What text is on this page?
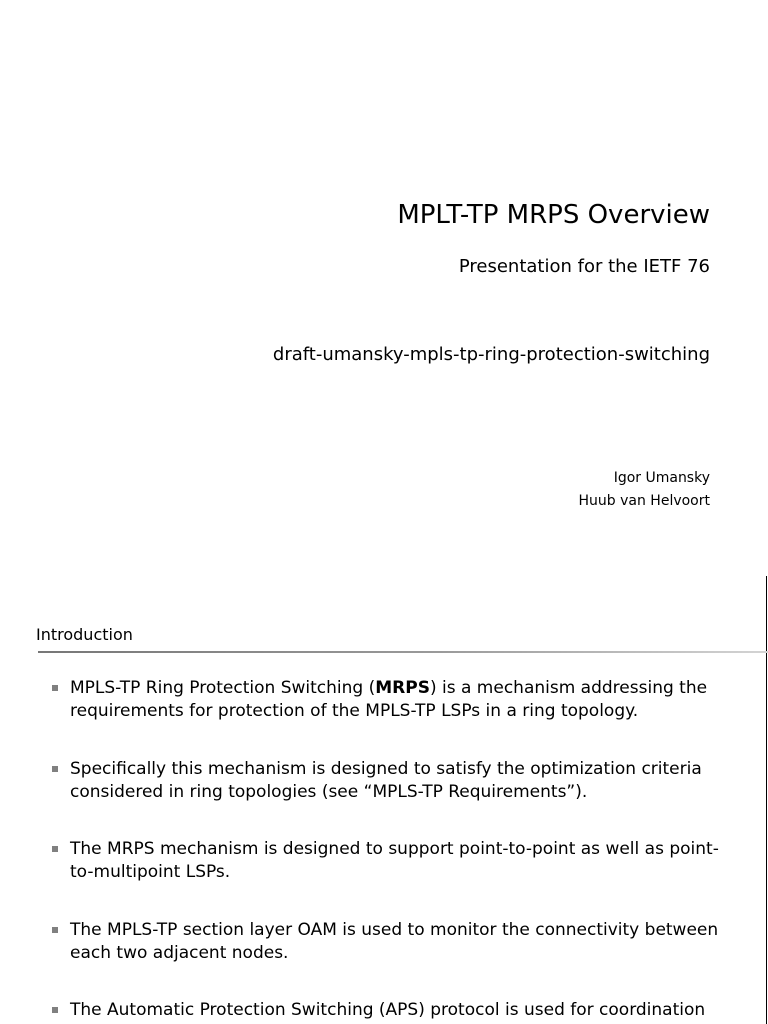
MPLT-TP MRPS Overview
Presentation for the IETF 76
draft-umansky-mpls-tp-ring-protection-switching
Igor Umansky
Huub van Helvoort
Introduction
MPLS-TP Ring Protection Switching (MRPS) is a mechanism addressing the requirements for protection of the MPLS-TP LSPs in a ring topology.
Specifically this mechanism is designed to satisfy the optimization criteria considered in ring topologies (see “MPLS-TP Requirements”).
The MRPS mechanism is designed to support point-to-point as well as point-to-multipoint LSPs.
The MPLS-TP section layer OAM is used to monitor the connectivity between each two adjacent nodes.
The Automatic Protection Switching (APS) protocol is used for coordination
